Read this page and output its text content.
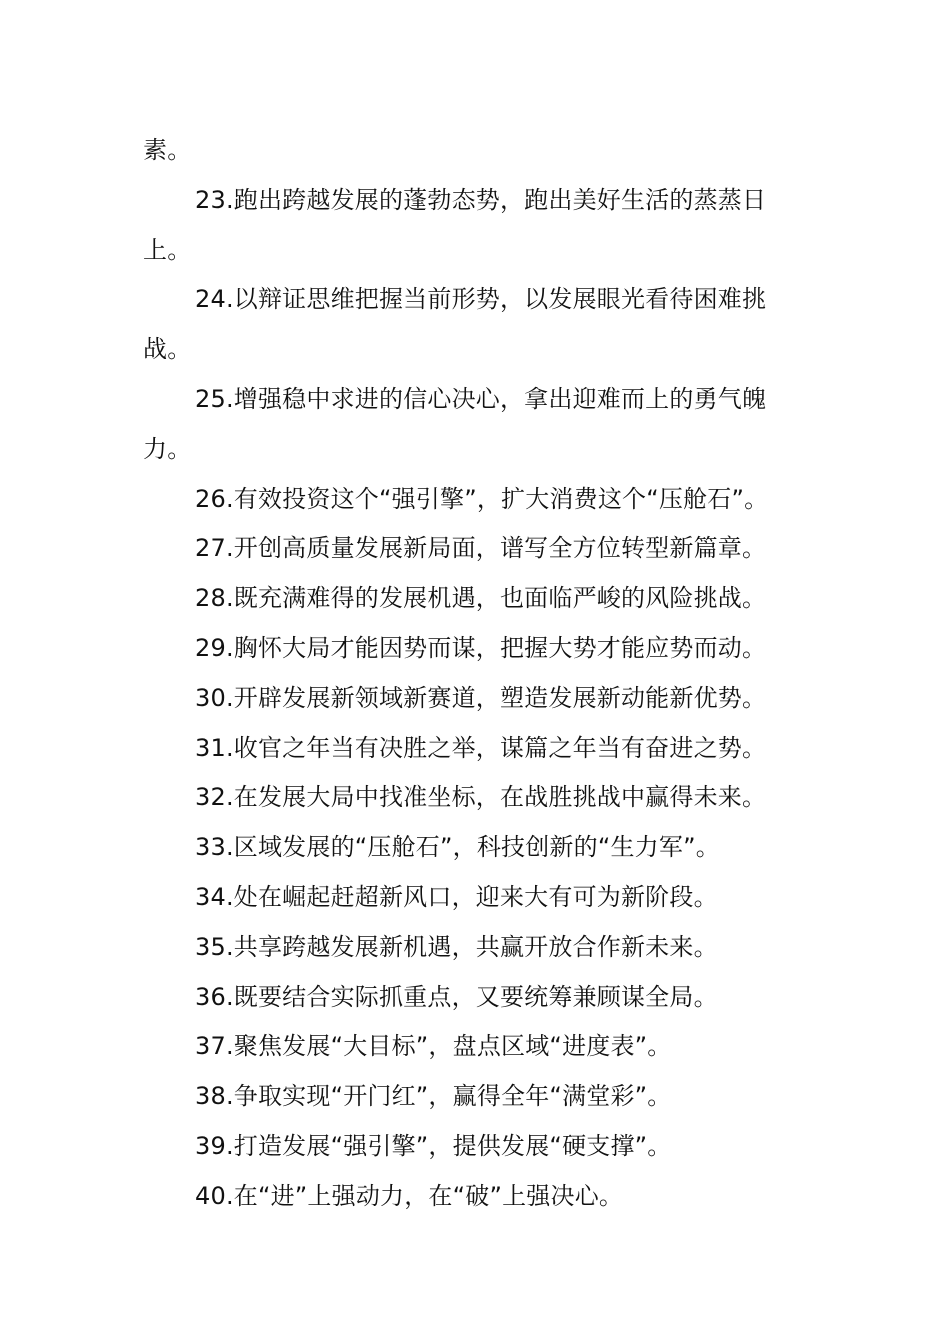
素。

23.跑出跨越发展的蓬勃态势，跑出美好生活的蒸蒸日上。

24.以辩证思维把握当前形势，以发展眼光看待困难挑战。

25.增强稳中求进的信心决心，拿出迎难而上的勇气魄力。

26.有效投资这个“强引擎”，扩大消费这个“压舱石”。

27.开创高质量发展新局面，谱写全方位转型新篇章。

28.既充满难得的发展机遇，也面临严峻的风险挑战。

29.胸怀大局才能因势而谋，把握大势才能应势而动。

30.开辟发展新领域新赛道，塑造发展新动能新优势。

31.收官之年当有决胜之举，谋篇之年当有奋进之势。

32.在发展大局中找准坐标，在战胜挑战中赢得未来。

33.区域发展的“压舱石”，科技创新的“生力军”。

34.处在崛起赶超新风口，迎来大有可为新阶段。

35.共享跨越发展新机遇，共赢开放合作新未来。

36.既要结合实际抓重点，又要统筹兼顾谋全局。

37.聚焦发展“大目标”，盘点区域“进度表”。

38.争取实现“开门红”，赢得全年“满堂彩”。

39.打造发展“强引擎”，提供发展“硬支撑”。

40.在“进”上强动力，在“破”上强决心。
